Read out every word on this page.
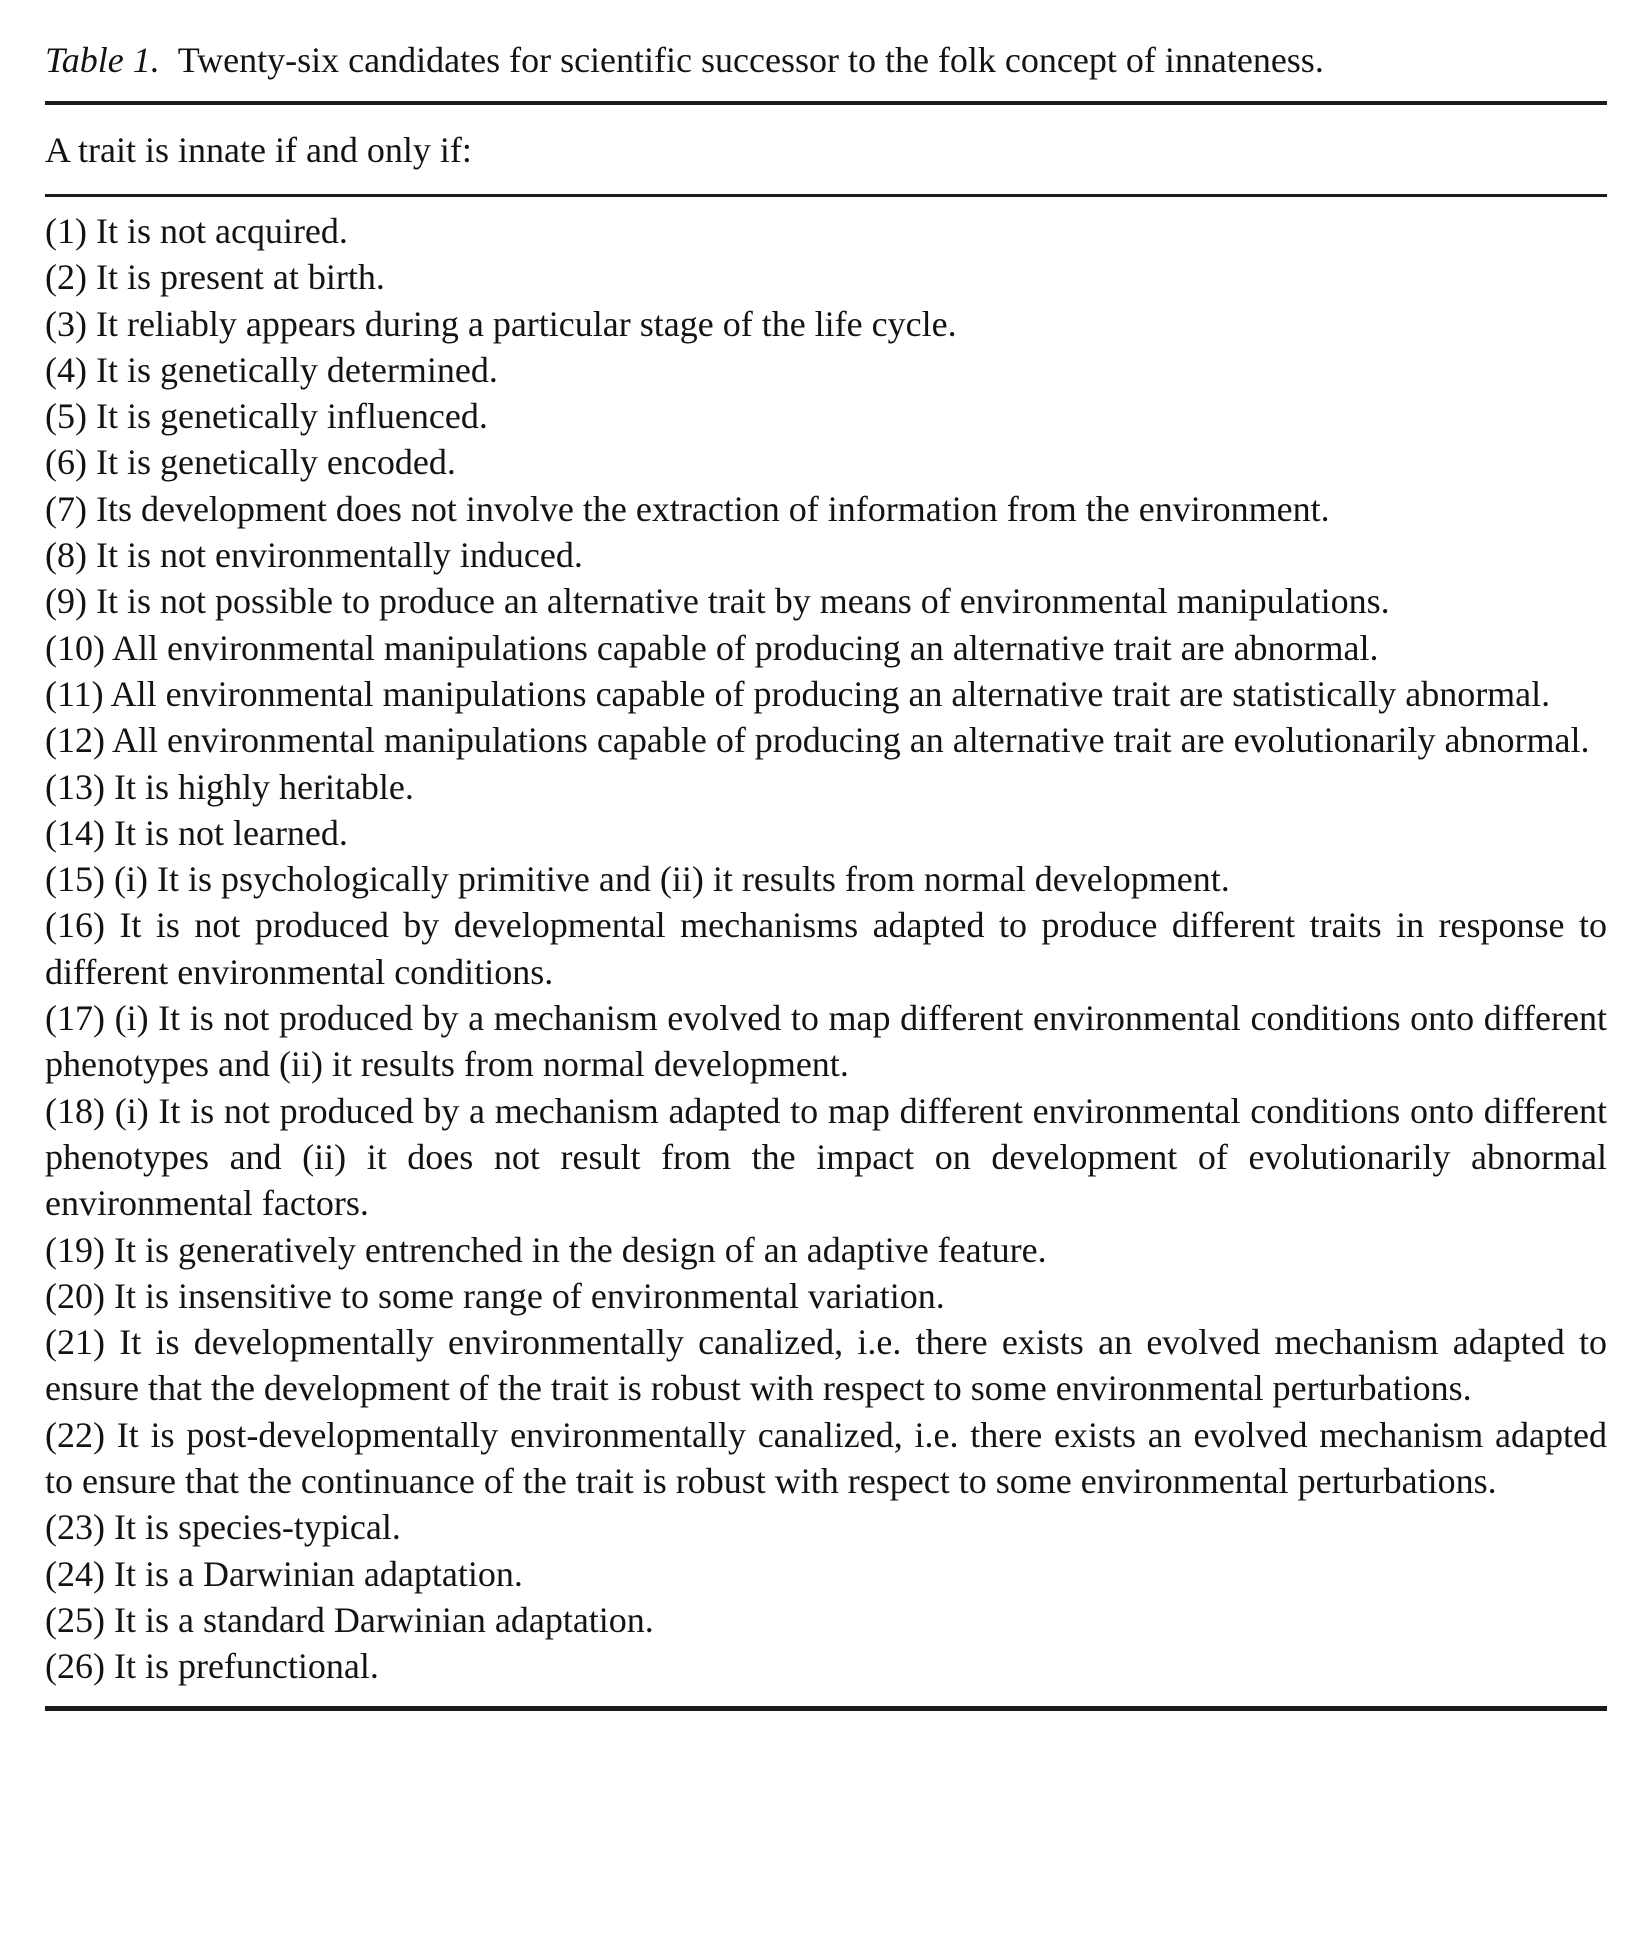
Table 1. Twenty-six candidates for scientific successor to the folk concept of innateness.

A trait is innate if and only if:

(1) It is not acquired.

(2) It is present at birth.

(3) It reliably appears during a particular stage of the life cycle.

(4) It is genetically determined.

(5) It is genetically influenced.

(6) It is genetically encoded.

(7) Its development does not involve the extraction of information from the environment.

(8) It is not environmentally induced.

(9) It is not possible to produce an alternative trait by means of environmental manipulations.

(10) All environmental manipulations capable of producing an alternative trait are abnormal.

(11) All environmental manipulations capable of producing an alternative trait are statistically abnormal.

(12) All environmental manipulations capable of producing an alternative trait are evolutionarily abnormal.

(13) It is highly heritable.

(14) It is not learned.

(15) (i) It is psychologically primitive and (ii) it results from normal development.

(16) It is not produced by developmental mechanisms adapted to produce different traits in response to different environmental conditions.

(17) (i) It is not produced by a mechanism evolved to map different environmental conditions onto different phenotypes and (ii) it results from normal development.

(18) (i) It is not produced by a mechanism adapted to map different environmental conditions onto different phenotypes and (ii) it does not result from the impact on development of evolutionarily abnormal environmental factors.

(19) It is generatively entrenched in the design of an adaptive feature.

(20) It is insensitive to some range of environmental variation.

(21) It is developmentally environmentally canalized, i.e. there exists an evolved mechanism adapted to ensure that the development of the trait is robust with respect to some environmental perturbations.

(22) It is post-developmentally environmentally canalized, i.e. there exists an evolved mechanism adapted to ensure that the continuance of the trait is robust with respect to some environmental perturbations.

(23) It is species-typical.

(24) It is a Darwinian adaptation.

(25) It is a standard Darwinian adaptation.

(26) It is prefunctional.
